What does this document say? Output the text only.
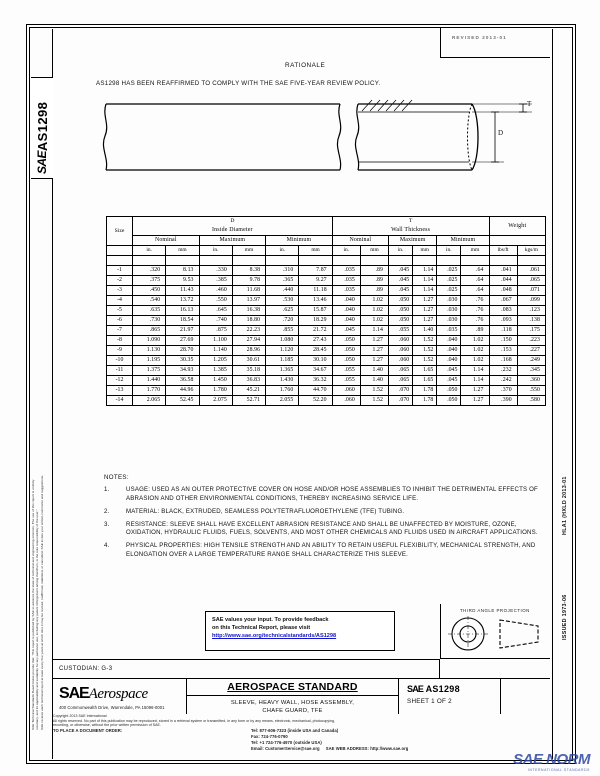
SAE Technical Standards Board Rules provide that: “This report is published by SAE to advance the state of technical and engineering sciences. The use of this report is entirely voluntary, and its applicability and suitability for any particular use, including any patent infringement arising therefrom, is the sole responsibility of the user.” SAE reviews each technical report at least every five years at which time it may be revised, reaffirmed, stabilized, or cancelled. SAE invites your written comments and suggestions.
SAE
AS1298
HLA1 (HXLD 2013-01
ISSUED 1973-06
REVISED 2013-01
RATIONALE
AS1298 HAS BEEN REAFFIRMED TO COMPLY WITH THE SAE FIVE-YEAR REVIEW POLICY.
D
T
Size	D						T						Weight	
	Inside Diameter						Wall Thickness							
	Nominal		Maximum		Minimum		Nominal		Maximum		Minimum			
	in.	mm	in.	mm	in.	mm	in.	mm	in.	mm	in.	mm	lbs/ft	kgs/m

-1	.320	8.13	.330	8.38	.310	7.87	.035	.89	.045	1.14	.025	.64	.041	.061
-2	.375	9.53	.385	9.78	.365	9.27	.035	.89	.045	1.14	.025	.64	.044	.065
-3	.450	11.43	.460	11.68	.440	11.18	.035	.89	.045	1.14	.025	.64	.048	.071
-4	.540	13.72	.550	13.97	.530	13.46	.040	1.02	.050	1.27	.030	.76	.067	.099
-5	.635	16.13	.645	16.38	.625	15.87	.040	1.02	.050	1.27	.030	.76	.083	.123
-6	.730	18.54	.740	18.80	.720	18.29	.040	1.02	.050	1.27	.030	.76	.093	.138
-7	.865	21.97	.875	22.23	.855	21.72	.045	1.14	.055	1.40	.035	.89	.118	.175
-8	1.090	27.69	1.100	27.94	1.080	27.43	.050	1.27	.060	1.52	.040	1.02	.150	.223
-9	1.130	28.70	1.140	28.96	1.120	28.45	.050	1.27	.060	1.52	.040	1.02	.153	.227
-10	1.195	30.35	1.205	30.61	1.185	30.10	.050	1.27	.060	1.52	.040	1.02	.168	.249
-11	1.375	34.93	1.385	35.18	1.365	34.67	.055	1.40	.065	1.65	.045	1.14	.232	.345
-12	1.440	36.58	1.450	36.83	1.430	36.32	.055	1.40	.065	1.65	.045	1.14	.242	.360
-13	1.770	44.96	1.780	45.21	1.760	44.70	.060	1.52	.070	1.78	.050	1.27	.370	.550
-14	2.065	52.45	2.075	52.71	2.055	52.20	.060	1.52	.070	1.78	.050	1.27	.390	.580
NOTES:
1.	USAGE: USED AS AN OUTER PROTECTIVE COVER ON HOSE AND/OR HOSE ASSEMBLIES TO INHIBIT THE DETRIMENTAL EFFECTS OF ABRASION AND OTHER ENVIRONMENTAL CONDITIONS, THEREBY INCREASING SERVICE LIFE.
2.	MATERIAL: BLACK, EXTRUDED, SEAMLESS POLYTETRAFLUOROETHYLENE (TFE) TUBING.
3.	RESISTANCE: SLEEVE SHALL HAVE EXCELLENT ABRASION RESISTANCE AND SHALL BE UNAFFECTED BY MOISTURE, OZONE, OXIDATION, HYDRAULIC FLUIDS, FUELS, SOLVENTS, AND MOST OTHER CHEMICALS AND FLUIDS USED IN AIRCRAFT APPLICATIONS.
4.	PHYSICAL PROPERTIES: HIGH TENSILE STRENGTH AND AN ABILITY TO RETAIN USEFUL FLEXIBILITY, MECHANICAL STRENGTH, AND ELONGATION OVER A LARGE TEMPERATURE RANGE SHALL CHARACTERIZE THIS SLEEVE.
SAE values your input. To provide feedback
on this Technical Report, please visit
http://www.sae.org/technicalstandards/AS1298
THIRD ANGLE PROJECTION
CUSTODIAN: G-3
SAEAerospace
400 Commonwealth Drive, Warrendale, PA 15096-0001
AEROSPACE STANDARD
SLEEVE, HEAVY WALL, HOSE ASSEMBLY,
CHAFE GUARD, TFE
SAE AS1298
SHEET 1 OF 2
Copyright 2013 SAE International
All rights reserved. No part of this publication may be reproduced, stored in a retrieval system or transmitted, in any form or by any means, electronic, mechanical, photocopying,
recording, or otherwise, without the prior written permission of SAE.
TO PLACE A DOCUMENT ORDER:	Tel: 877-606-7323 (inside USA and Canada)
Fax: 724-776-0790
Tel: +1 724-776-4970 (outside USA)
Email: CustomerService@sae.org SAE WEB ADDRESS: http://www.sae.org
SAE NORM
INTERNATIONAL STANDARDS
